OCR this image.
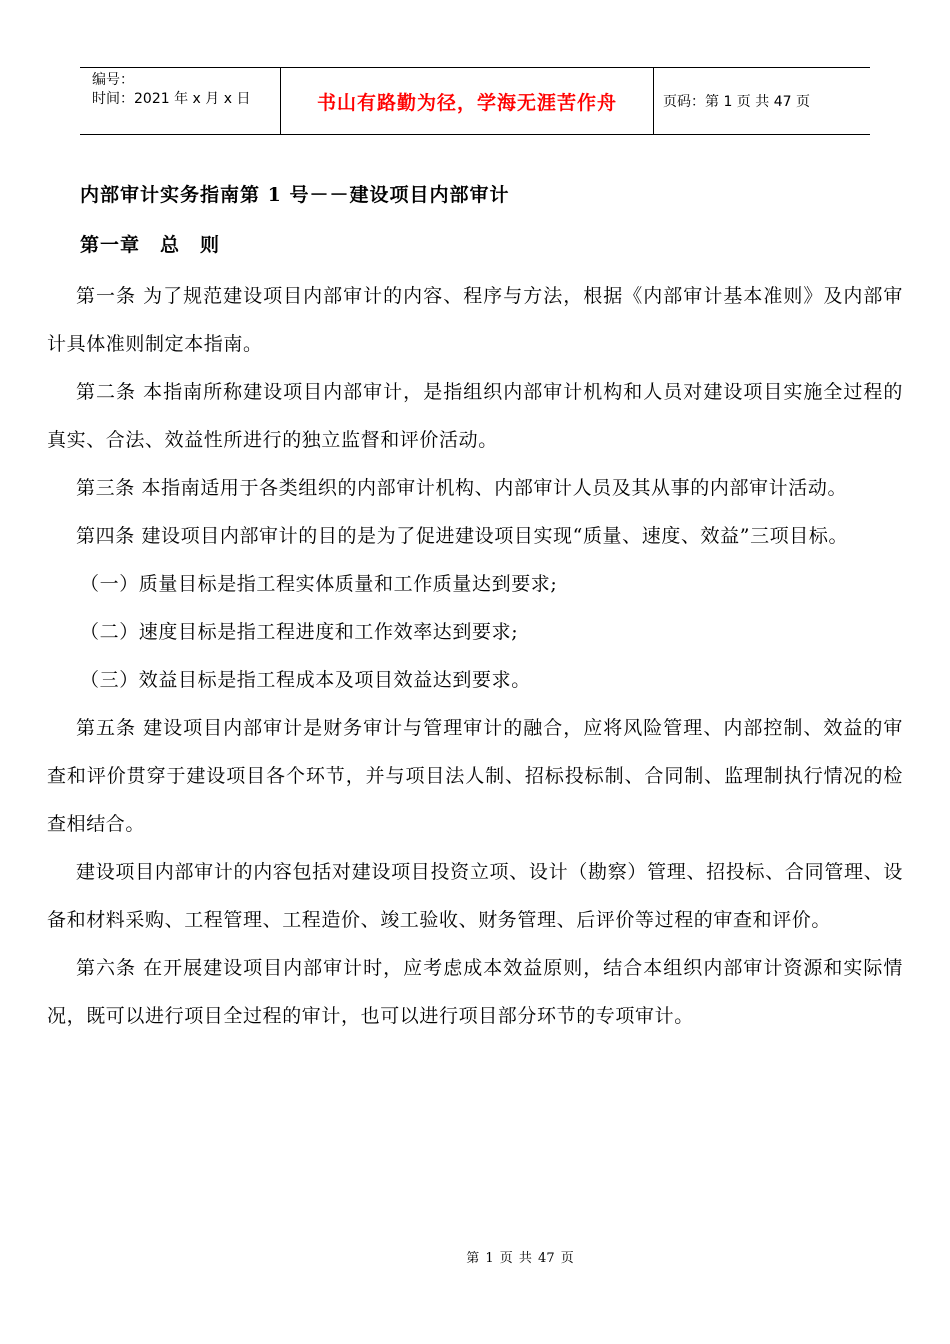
编号：
时间：2021 年 x 月 x 日	书山有路勤为径，学海无涯苦作舟	页码：第 1 页 共 47 页
内部审计实务指南第 1 号－－建设项目内部审计
第一章　总　则

第一条 为了规范建设项目内部审计的内容、程序与方法，根据《内部审计基本准则》及内部审计具体准则制定本指南。

第二条 本指南所称建设项目内部审计，是指组织内部审计机构和人员对建设项目实施全过程的真实、合法、效益性所进行的独立监督和评价活动。

第三条 本指南适用于各类组织的内部审计机构、内部审计人员及其从事的内部审计活动。

第四条 建设项目内部审计的目的是为了促进建设项目实现“质量、速度、效益”三项目标。

（一）质量目标是指工程实体质量和工作质量达到要求;

（二）速度目标是指工程进度和工作效率达到要求;

（三）效益目标是指工程成本及项目效益达到要求。

第五条 建设项目内部审计是财务审计与管理审计的融合，应将风险管理、内部控制、效益的审查和评价贯穿于建设项目各个环节，并与项目法人制、招标投标制、合同制、监理制执行情况的检查相结合。

建设项目内部审计的内容包括对建设项目投资立项、设计（勘察）管理、招投标、合同管理、设备和材料采购、工程管理、工程造价、竣工验收、财务管理、后评价等过程的审查和评价。

第六条 在开展建设项目内部审计时，应考虑成本效益原则，结合本组织内部审计资源和实际情况，既可以进行项目全过程的审计，也可以进行项目部分环节的专项审计。

第 1 页 共 47 页
